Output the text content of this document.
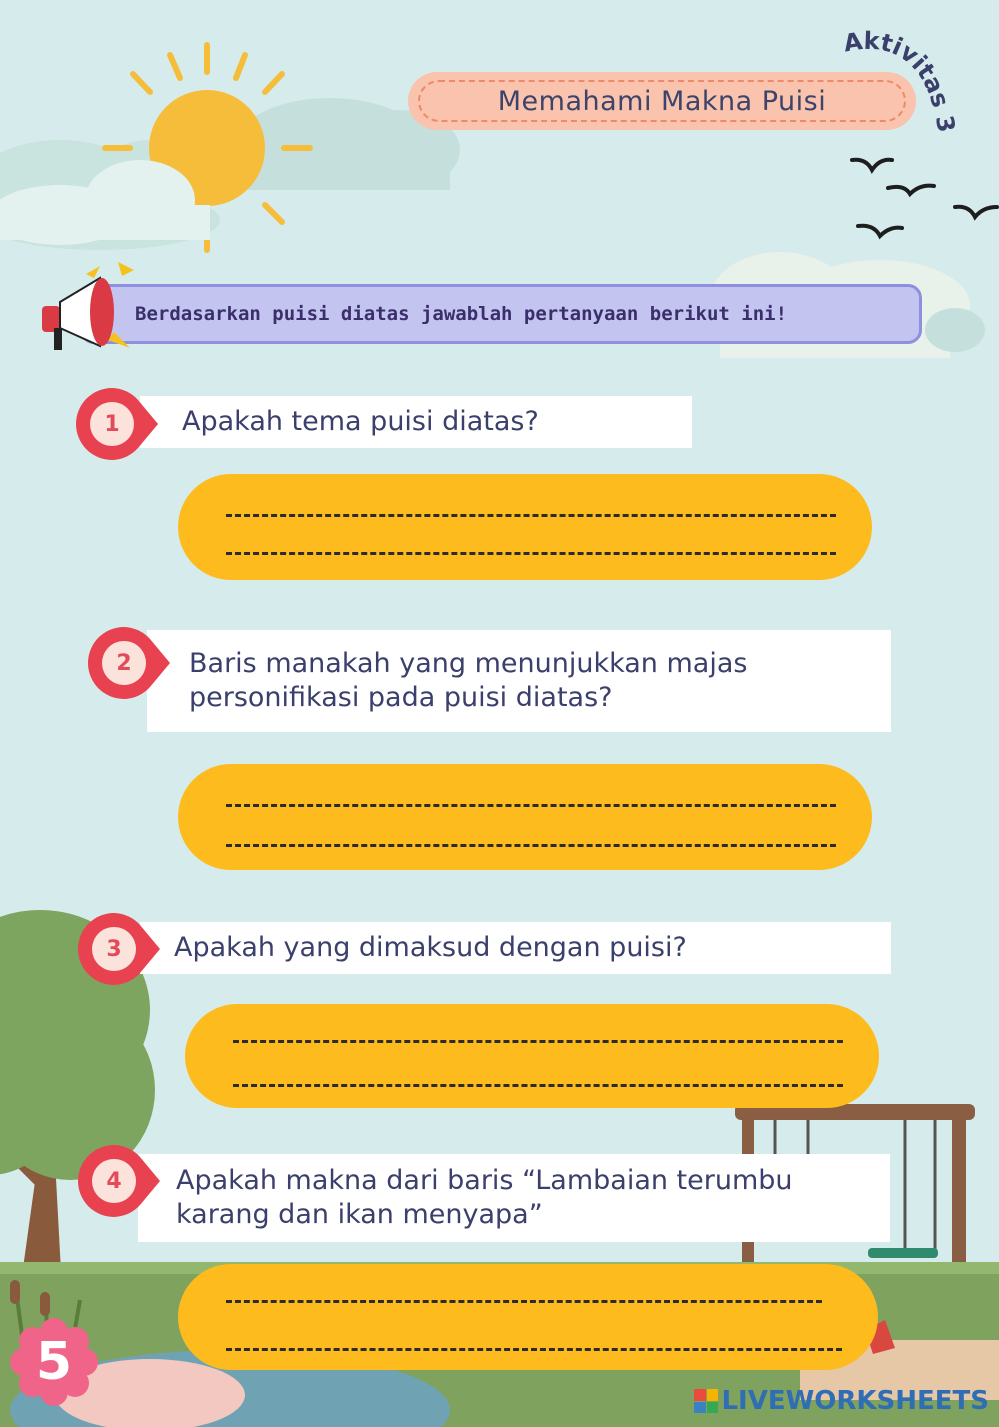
Aktivitas 3
Memahami Makna Puisi
Berdasarkan puisi diatas jawablah pertanyaan berikut ini!
Apakah tema puisi diatas?
1
Baris manakah yang menunjukkan majas personifikasi pada puisi diatas?
2
Apakah yang dimaksud dengan puisi?
3
Apakah makna dari baris “Lambaian terumbu karang dan ikan menyapa”
4
5
LIVEWORKSHEETS
